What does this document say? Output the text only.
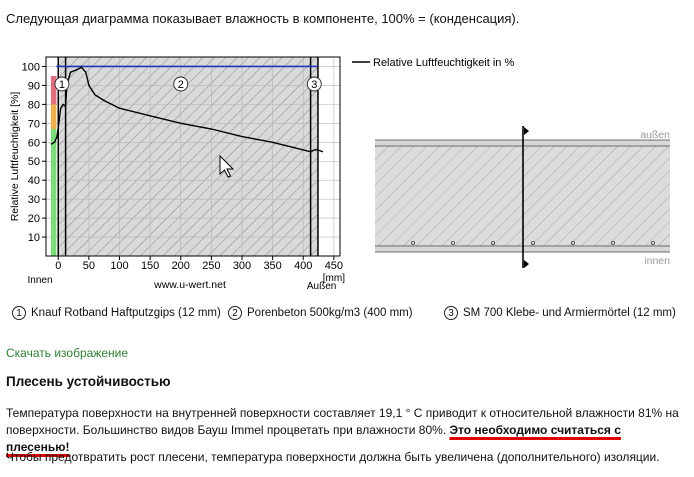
Следующая диаграмма показывает влажность в компоненте, 100% = (конденсация).
1	2	3
10
20
30
40
50
60
70
80
90
100
0 50 100 150 200 250 300 350 400 450
[mm]
Innen
Außen
www.u-wert.net
Relative Luftfeuchtigkeit [%]
Relative Luftfeuchtigkeit in %
außen
innen
1 Knauf Rotband Haftputzgips (12 mm)	2 Porenbeton 500kg/m3 (400 mm)	3 SM 700 Klebe- und Armiermörtel (12 mm)
Скачать изображение
Плесень устойчивостью
Температура поверхности на внутренней поверхности составляет 19,1 ° C приводит к относительной влажности 81% на поверхности. Большинство видов Бауш Immel процветать при влажности 80%. Это необходимо считаться с плесенью!
Чтобы предотвратить рост плесени, температура поверхности должна быть увеличена (дополнительного) изоляции.
